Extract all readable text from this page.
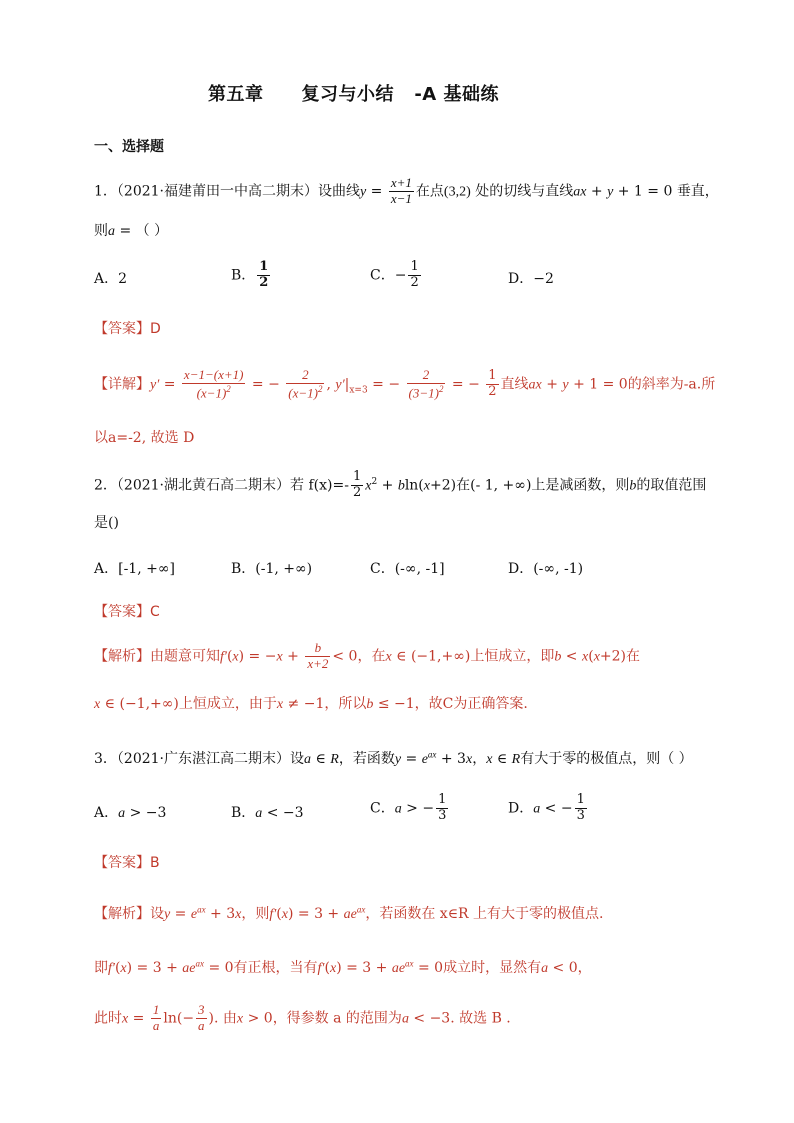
第五章 复习与小结 -A 基础练
一、选择题
1．（2021·福建莆田一中高二期末）设曲线$y = \frac{x+1}{x-1}$ 在点(3,2) 处的切线与直线ax + y + 1 = 0 垂直，
则a = （ ）
A．2	B． $\frac{1}{2}$	C．− $\frac{1}{2}$	D．−2
【答案】D
【详解】$y' = \frac{x-1-(x+1)}{(x-1)^2}$ = − $\frac{2}{(x-1)^2}$ , $y'|_{x=3}$ = − $\frac{2}{(3-1)^2}$ = − $\frac{1}{2}$ 直线ax + y + 1 = 0的斜率为-a.所
以a=-2, 故选 D
2．（2021·湖北黄石高二期末）若 $f(x)=- \frac{1}{2} x^2 + bln(x+2)$在(- 1, +∞)上是减函数，则b的取值范围
是()
A．[-1, +∞]	B．(-1, +∞)	C．(-∞, -1]	D．(-∞, -1)
【答案】C
【解析】由题意可知$f'(x) = -x + \frac{b}{x+2} < 0$，在x ∈ (−1,+∞)上恒成立，即b < x(x+2)在
x ∈ (−1,+∞)上恒成立，由于x ≠ −1，所以b ≤ −1，故C为正确答案.
3．（2021·广东湛江高二期末）设a ∈ R，若函数$y = e^{ax} + 3x$，x ∈ R有大于零的极值点，则（ ）
A．a > −3	B．a < −3	C．a > − $\frac{1}{3}$	D．a < − $\frac{1}{3}$
【答案】B
【解析】设$y = e^{ax} + 3x$，则$f'(x) = 3 + ae^{ax}$，若函数在 x∈R 上有大于零的极值点.
即$f'(x) = 3 + ae^{ax} = 0$有正根，当有$f'(x) = 3 + ae^{ax} = 0$成立时，显然有a < 0，
此时$x = \frac{1}{a} \ln(- \frac{3}{a}$ ). 由x > 0，得参数 a 的范围为a < −3. 故选 B .
